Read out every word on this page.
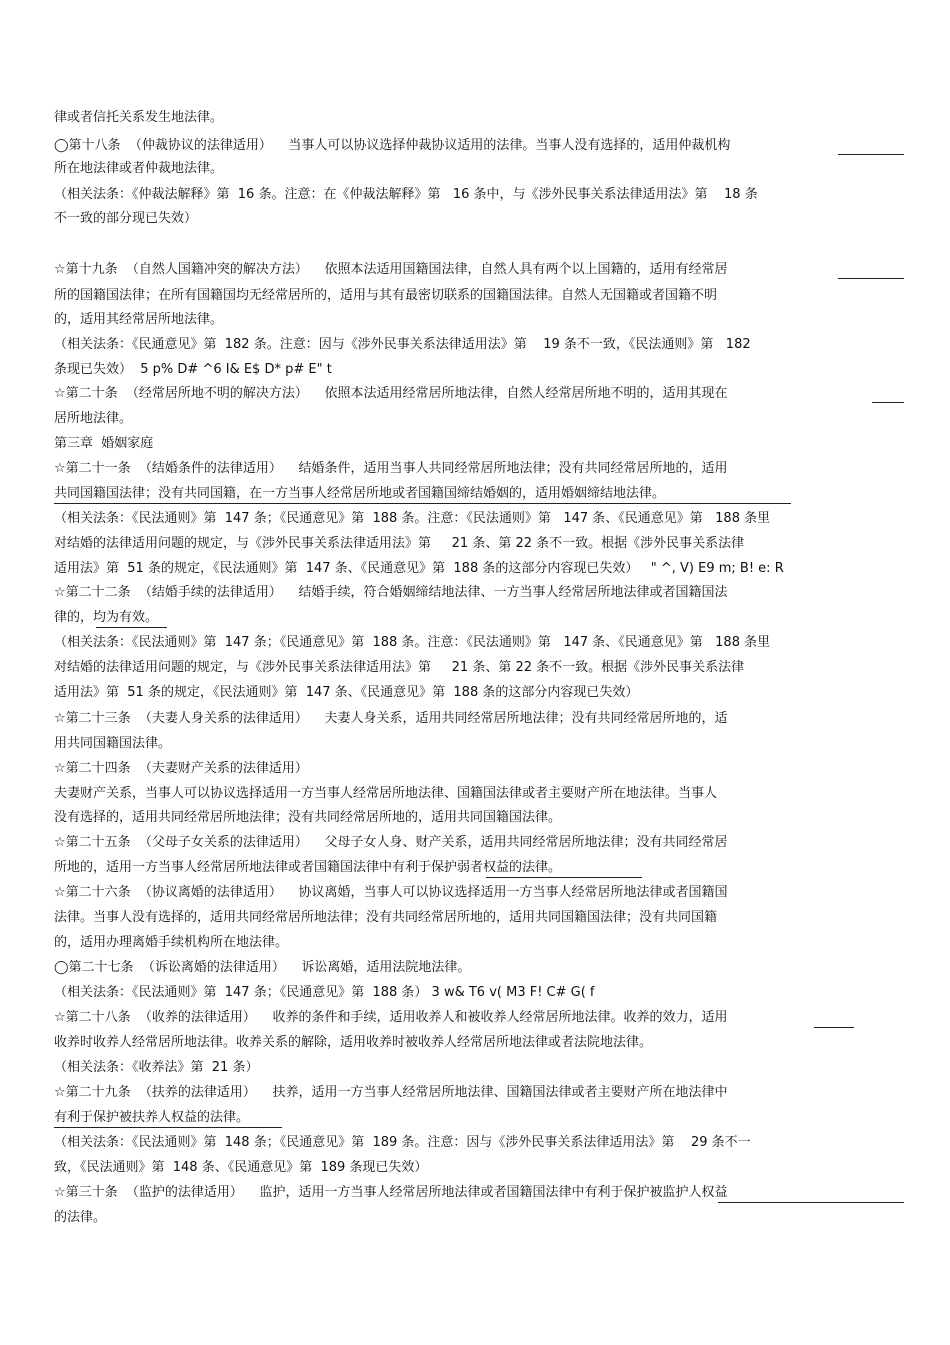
律或者信托关系发生地法律。
◯第十八条  （仲裁协议的法律适用）    当事人可以协议选择仲裁协议适用的法律。当事人没有选择的，适用仲裁机构
所在地法律或者仲裁地法律。
（相关法条：《仲裁法解释》第  16 条。注意：在《仲裁法解释》第   16 条中，与《涉外民事关系法律适用法》第    18 条
不一致的部分现已失效）
☆第十九条  （自然人国籍冲突的解决方法）    依照本法适用国籍国法律，自然人具有两个以上国籍的，适用有经常居
所的国籍国法律；在所有国籍国均无经常居所的，适用与其有最密切联系的国籍国法律。自然人无国籍或者国籍不明
的，适用其经常居所地法律。
（相关法条：《民通意见》第  182 条。注意：因与《涉外民事关系法律适用法》第    19 条不一致，《民法通则》第   182
条现已失效）  5 p% D# ^6 I& E$ D* p# E" t
☆第二十条  （经常居所地不明的解决方法）    依照本法适用经常居所地法律，自然人经常居所地不明的，适用其现在
居所地法律。
第三章  婚姻家庭
☆第二十一条  （结婚条件的法律适用）    结婚条件，适用当事人共同经常居所地法律；没有共同经常居所地的，适用
共同国籍国法律；没有共同国籍，在一方当事人经常居所地或者国籍国缔结婚姻的，适用婚姻缔结地法律。
（相关法条：《民法通则》第  147 条；《民通意见》第  188 条。注意：《民法通则》第   147 条、《民通意见》第   188 条里
对结婚的法律适用问题的规定，与《涉外民事关系法律适用法》第     21 条、第 22 条不一致。根据《涉外民事关系法律
适用法》第  51 条的规定，《民法通则》第  147 条、《民通意见》第  188 条的这部分内容现已失效）   " ^, V) E9 m; B! e: R
☆第二十二条  （结婚手续的法律适用）    结婚手续，符合婚姻缔结地法律、一方当事人经常居所地法律或者国籍国法
律的，均为有效。
（相关法条：《民法通则》第  147 条；《民通意见》第  188 条。注意：《民法通则》第   147 条、《民通意见》第   188 条里
对结婚的法律适用问题的规定，与《涉外民事关系法律适用法》第     21 条、第 22 条不一致。根据《涉外民事关系法律
适用法》第  51 条的规定，《民法通则》第  147 条、《民通意见》第  188 条的这部分内容现已失效）
☆第二十三条  （夫妻人身关系的法律适用）    夫妻人身关系，适用共同经常居所地法律；没有共同经常居所地的，适
用共同国籍国法律。
☆第二十四条  （夫妻财产关系的法律适用）
夫妻财产关系，当事人可以协议选择适用一方当事人经常居所地法律、国籍国法律或者主要财产所在地法律。当事人
没有选择的，适用共同经常居所地法律；没有共同经常居所地的，适用共同国籍国法律。
☆第二十五条  （父母子女关系的法律适用）    父母子女人身、财产关系，适用共同经常居所地法律；没有共同经常居
所地的，适用一方当事人经常居所地法律或者国籍国法律中有利于保护弱者权益的法律。
☆第二十六条  （协议离婚的法律适用）    协议离婚，当事人可以协议选择适用一方当事人经常居所地法律或者国籍国
法律。当事人没有选择的，适用共同经常居所地法律；没有共同经常居所地的，适用共同国籍国法律；没有共同国籍
的，适用办理离婚手续机构所在地法律。
◯第二十七条  （诉讼离婚的法律适用）    诉讼离婚，适用法院地法律。
（相关法条：《民法通则》第  147 条；《民通意见》第  188 条） 3 w& T6 v( M3 F! C# G( f
☆第二十八条  （收养的法律适用）    收养的条件和手续，适用收养人和被收养人经常居所地法律。收养的效力，适用
收养时收养人经常居所地法律。收养关系的解除，适用收养时被收养人经常居所地法律或者法院地法律。
（相关法条：《收养法》第  21 条）
☆第二十九条  （扶养的法律适用）    扶养，适用一方当事人经常居所地法律、国籍国法律或者主要财产所在地法律中
有利于保护被扶养人权益的法律。
（相关法条：《民法通则》第  148 条；《民通意见》第  189 条。注意：因与《涉外民事关系法律适用法》第    29 条不一
致，《民法通则》第  148 条、《民通意见》第  189 条现已失效）
☆第三十条  （监护的法律适用）    监护，适用一方当事人经常居所地法律或者国籍国法律中有利于保护被监护人权益
的法律。
